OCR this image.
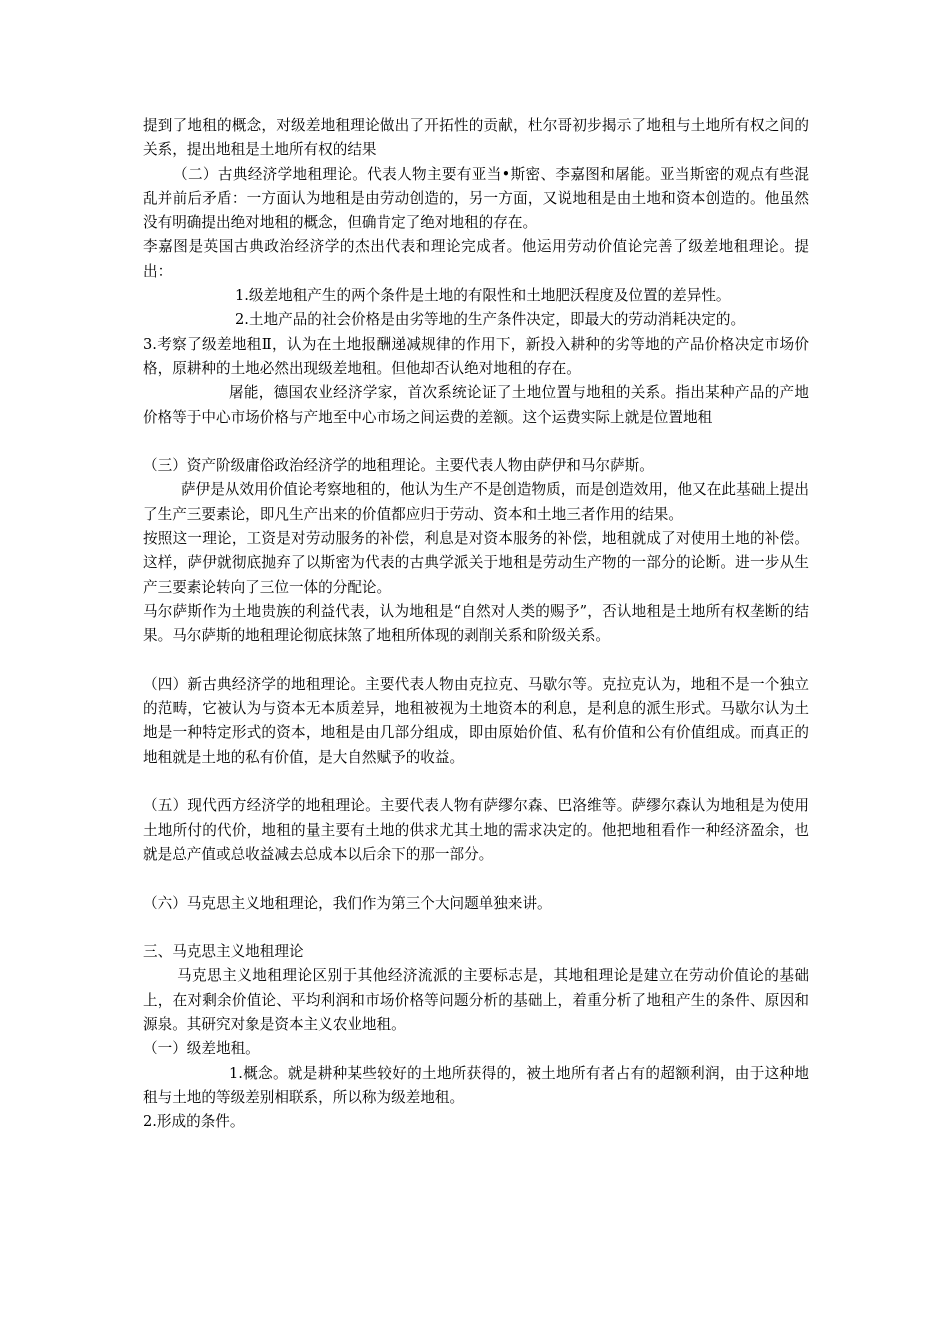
提到了地租的概念，对级差地租理论做出了开拓性的贡献，杜尔哥初步揭示了地租与土地所有权之间的关系，提出地租是土地所有权的结果

（二）古典经济学地租理论。代表人物主要有亚当•斯密、李嘉图和屠能。亚当斯密的观点有些混乱并前后矛盾：一方面认为地租是由劳动创造的，另一方面，又说地租是由土地和资本创造的。他虽然没有明确提出绝对地租的概念，但确肯定了绝对地租的存在。

李嘉图是英国古典政治经济学的杰出代表和理论完成者。他运用劳动价值论完善了级差地租理论。提出：

1.级差地租产生的两个条件是土地的有限性和土地肥沃程度及位置的差异性。

2.土地产品的社会价格是由劣等地的生产条件决定，即最大的劳动消耗决定的。

3.考察了级差地租Ⅱ，认为在土地报酬递减规律的作用下，新投入耕种的劣等地的产品价格决定市场价格，原耕种的土地必然出现级差地租。但他却否认绝对地租的存在。

屠能，德国农业经济学家，首次系统论证了土地位置与地租的关系。指出某种产品的产地价格等于中心市场价格与产地至中心市场之间运费的差额。这个运费实际上就是位置地租

（三）资产阶级庸俗政治经济学的地租理论。主要代表人物由萨伊和马尔萨斯。

萨伊是从效用价值论考察地租的，他认为生产不是创造物质，而是创造效用，他又在此基础上提出了生产三要素论，即凡生产出来的价值都应归于劳动、资本和土地三者作用的结果。

按照这一理论，工资是对劳动服务的补偿，利息是对资本服务的补偿，地租就成了对使用土地的补偿。这样，萨伊就彻底抛弃了以斯密为代表的古典学派关于地租是劳动生产物的一部分的论断。进一步从生产三要素论转向了三位一体的分配论。

马尔萨斯作为土地贵族的利益代表，认为地租是“自然对人类的赐予”，否认地租是土地所有权垄断的结果。马尔萨斯的地租理论彻底抹煞了地租所体现的剥削关系和阶级关系。

（四）新古典经济学的地租理论。主要代表人物由克拉克、马歇尔等。克拉克认为，地租不是一个独立的范畴，它被认为与资本无本质差异，地租被视为土地资本的利息，是利息的派生形式。马歇尔认为土地是一种特定形式的资本，地租是由几部分组成，即由原始价值、私有价值和公有价值组成。而真正的地租就是土地的私有价值，是大自然赋予的收益。

（五）现代西方经济学的地租理论。主要代表人物有萨缪尔森、巴洛维等。萨缪尔森认为地租是为使用土地所付的代价，地租的量主要有土地的供求尤其土地的需求决定的。他把地租看作一种经济盈余，也就是总产值或总收益减去总成本以后余下的那一部分。

（六）马克思主义地租理论，我们作为第三个大问题单独来讲。

三、马克思主义地租理论

马克思主义地租理论区别于其他经济流派的主要标志是，其地租理论是建立在劳动价值论的基础上，在对剩余价值论、平均利润和市场价格等问题分析的基础上，着重分析了地租产生的条件、原因和源泉。其研究对象是资本主义农业地租。

（一）级差地租。

1.概念。就是耕种某些较好的土地所获得的，被土地所有者占有的超额利润，由于这种地租与土地的等级差别相联系，所以称为级差地租。

2.形成的条件。
